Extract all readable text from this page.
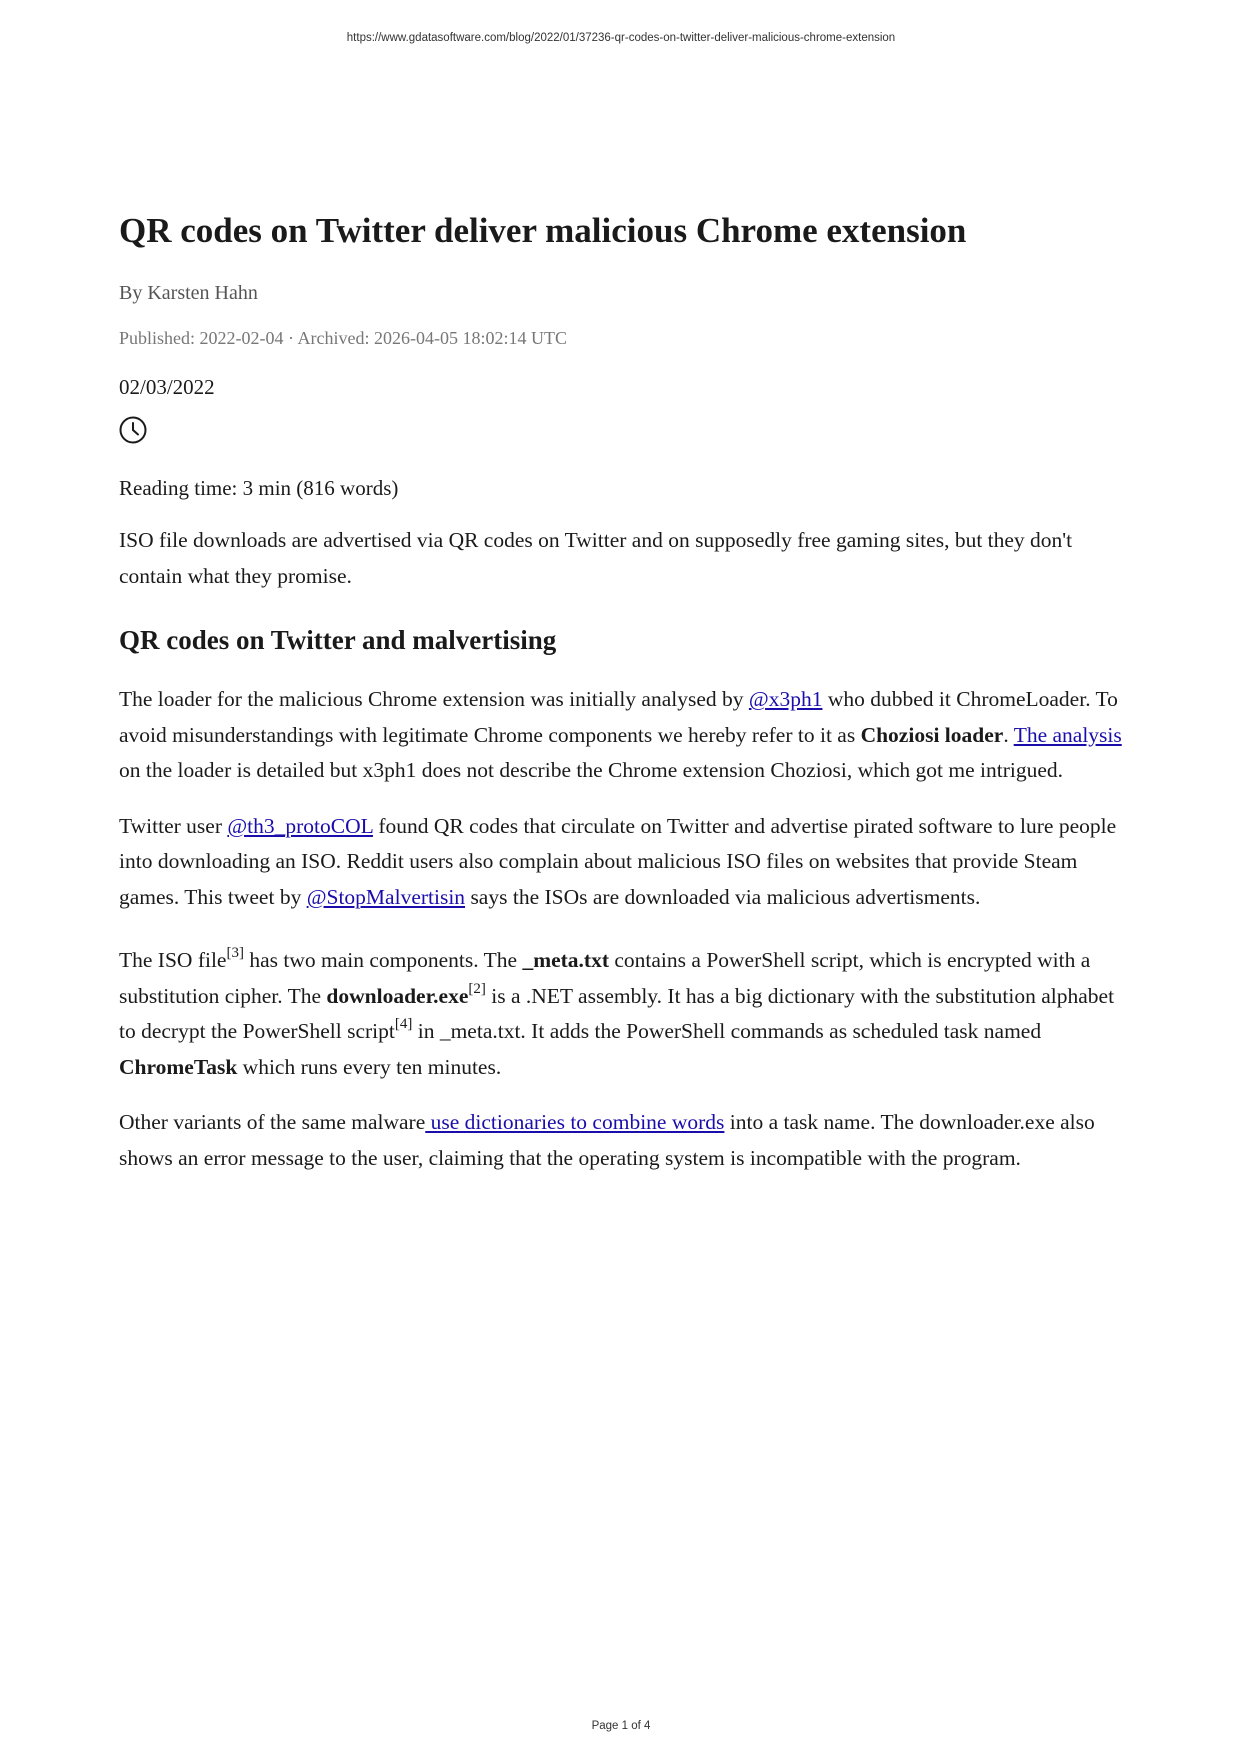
https://www.gdatasoftware.com/blog/2022/01/37236-qr-codes-on-twitter-deliver-malicious-chrome-extension
QR codes on Twitter deliver malicious Chrome extension
By Karsten Hahn
Published: 2022-02-04 · Archived: 2026-04-05 18:02:14 UTC
02/03/2022
Reading time: 3 min (816 words)

ISO file downloads are advertised via QR codes on Twitter and on supposedly free gaming sites, but they don't contain what they promise.

QR codes on Twitter and malvertising

The loader for the malicious Chrome extension was initially analysed by @x3ph1 who dubbed it ChromeLoader. To avoid misunderstandings with legitimate Chrome components we hereby refer to it as Choziosi loader. The analysis on the loader is detailed but x3ph1 does not describe the Chrome extension Choziosi, which got me intrigued.

Twitter user @th3_protoCOL found QR codes that circulate on Twitter and advertise pirated software to lure people into downloading an ISO. Reddit users also complain about malicious ISO files on websites that provide Steam games. This tweet by @StopMalvertisin says the ISOs are downloaded via malicious advertisments.

The ISO file[3] has two main components. The _meta.txt contains a PowerShell script, which is encrypted with a substitution cipher. The downloader.exe[2] is a .NET assembly. It has a big dictionary with the substitution alphabet to decrypt the PowerShell script[4] in _meta.txt. It adds the PowerShell commands as scheduled task named ChromeTask which runs every ten minutes.

Other variants of the same malware use dictionaries to combine words into a task name. The downloader.exe also shows an error message to the user, claiming that the operating system is incompatible with the program.

Page 1 of 4
